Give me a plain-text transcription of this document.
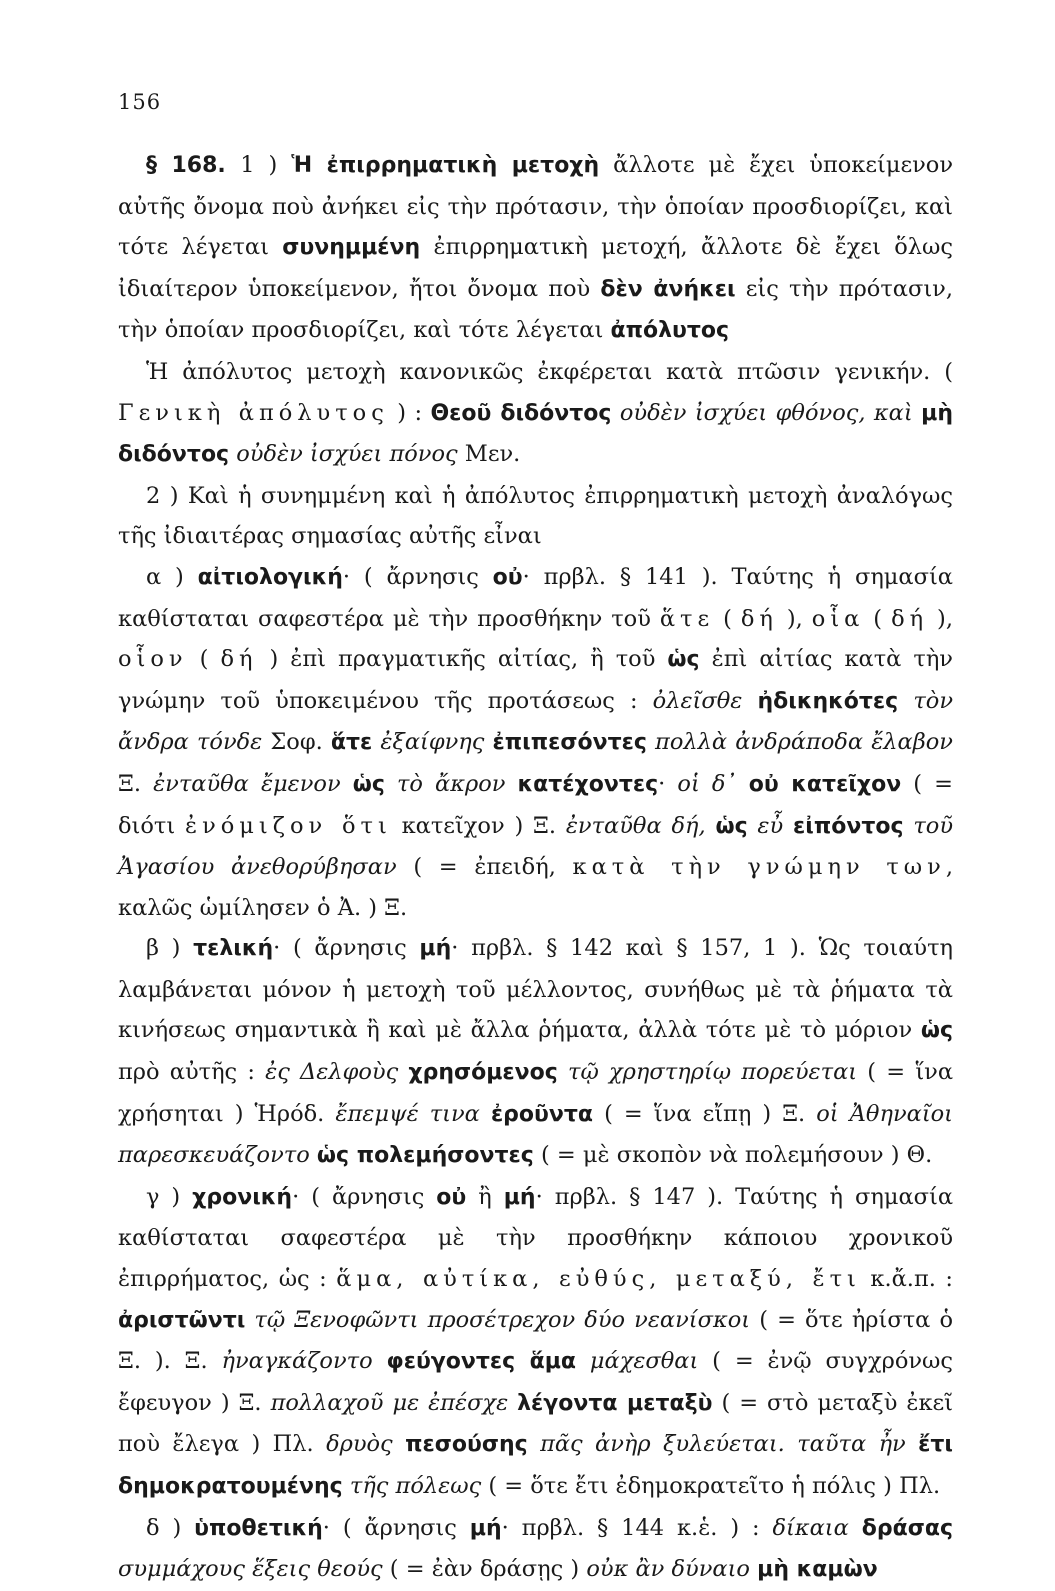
156

§ 168. 1 ) Ἡ ἐπιρρηματικὴ μετοχὴ ἄλλοτε μὲ ἔχει ὑποκείμενον αὐτῆς ὄνομα ποὺ ἀνήκει εἰς τὴν πρότασιν, τὴν ὁποίαν προσδιορίζει, καὶ τότε λέγεται συνημμένη ἐπιρρηματικὴ μετοχή, ἄλλοτε δὲ ἔχει ὅλως ἰδιαίτερον ὑποκείμενον, ἤτοι ὄνομα ποὺ δὲν ἀνήκει εἰς τὴν πρότασιν, τὴν ὁποίαν προσδιορίζει, καὶ τότε λέγεται ἀπόλυτος

Ἡ ἀπόλυτος μετοχὴ κανονικῶς ἐκφέρεται κατὰ πτῶσιν γενικήν. ( Γενικὴ ἀπόλυτος ) : Θεοῦ διδόντος οὐδὲν ἰσχύει φθόνος, καὶ μὴ διδόντος οὐδὲν ἰσχύει πόνος Μεν.

2 ) Καὶ ἡ συνημμένη καὶ ἡ ἀπόλυτος ἐπιρρηματικὴ μετοχὴ ἀναλόγως τῆς ἰδιαιτέρας σημασίας αὐτῆς εἶναι

α ) αἰτιολογική· ( ἄρνησις οὐ· πρβλ. § 141 ). Ταύτης ἡ σημασία καθίσταται σαφεστέρα μὲ τὴν προσθήκην τοῦ ἅτε ( δή ), οἷα ( δή ), οἷον ( δή ) ἐπὶ πραγματικῆς αἰτίας, ἢ τοῦ ὡς ἐπὶ αἰτίας κατὰ τὴν γνώμην τοῦ ὑποκειμένου τῆς προτάσεως : ὀλεῖσθε ἠδικηκότες τὸν ἄνδρα τόνδε Σοφ. ἅτε ἐξαίφνης ἐπιπεσόντες πολλὰ ἀνδράποδα ἔλαβον Ξ. ἐνταῦθα ἔμενον ὡς τὸ ἄκρον κατέχοντες· οἱ δ᾽ οὐ κατεῖχον ( = διότι ἐνόμιζον ὅτι κατεῖχον ) Ξ. ἐνταῦθα δή, ὡς εὖ εἰπόντος τοῦ Ἀγασίου ἀνεθορύβησαν ( = ἐπειδή, κατὰ τὴν γνώμην των, καλῶς ὡμίλησεν ὁ Ἀ. ) Ξ.

β ) τελική· ( ἄρνησις μή· πρβλ. § 142 καὶ § 157, 1 ). Ὡς τοιαύτη λαμβάνεται μόνον ἡ μετοχὴ τοῦ μέλλοντος, συνήθως μὲ τὰ ῥήματα τὰ κινήσεως σημαντικὰ ἢ καὶ μὲ ἄλλα ῥήματα, ἀλλὰ τότε μὲ τὸ μόριον ὡς πρὸ αὐτῆς : ἐς Δελφοὺς χρησόμενος τῷ χρηστηρίῳ πορεύεται ( = ἵνα χρήσηται ) Ἡρόδ. ἔπεμψέ τινα ἐροῦντα ( = ἵνα εἴπῃ ) Ξ. οἱ Ἀθηναῖοι παρεσκευάζοντο ὡς πολεμήσοντες ( = μὲ σκοπὸν νὰ πολεμήσουν ) Θ.

γ ) χρονική· ( ἄρνησις οὐ ἢ μή· πρβλ. § 147 ). Ταύτης ἡ σημασία καθίσταται σαφεστέρα μὲ τὴν προσθήκην κάποιου χρονικοῦ ἐπιρρήματος, ὡς : ἅμα, αὐτίκα, εὐθύς, μεταξύ, ἔτι κ.ἄ.π. : ἀριστῶντι τῷ Ξενοφῶντι προσέτρεχον δύο νεανίσκοι ( = ὅτε ἠρίστα ὁ Ξ. ). Ξ. ἠναγκάζοντο φεύγοντες ἅμα μάχεσθαι ( = ἐνῷ συγχρόνως ἔφευγον ) Ξ. πολλαχοῦ με ἐπέσχε λέγοντα μεταξὺ ( = στὸ μεταξὺ ἐκεῖ ποὺ ἔλεγα ) Πλ. δρυὸς πεσούσης πᾶς ἀνὴρ ξυλεύεται. ταῦτα ἦν ἔτι δημοκρατουμένης τῆς πόλεως ( = ὅτε ἔτι ἐδημοκρατεῖτο ἡ πόλις ) Πλ.

δ ) ὑποθετική· ( ἄρνησις μή· πρβλ. § 144 κ.ἑ. ) : δίκαια δράσας συμμάχους ἕξεις θεούς ( = ἐὰν δράσῃς ) οὐκ ἂν δύναιο μὴ καμὼν
